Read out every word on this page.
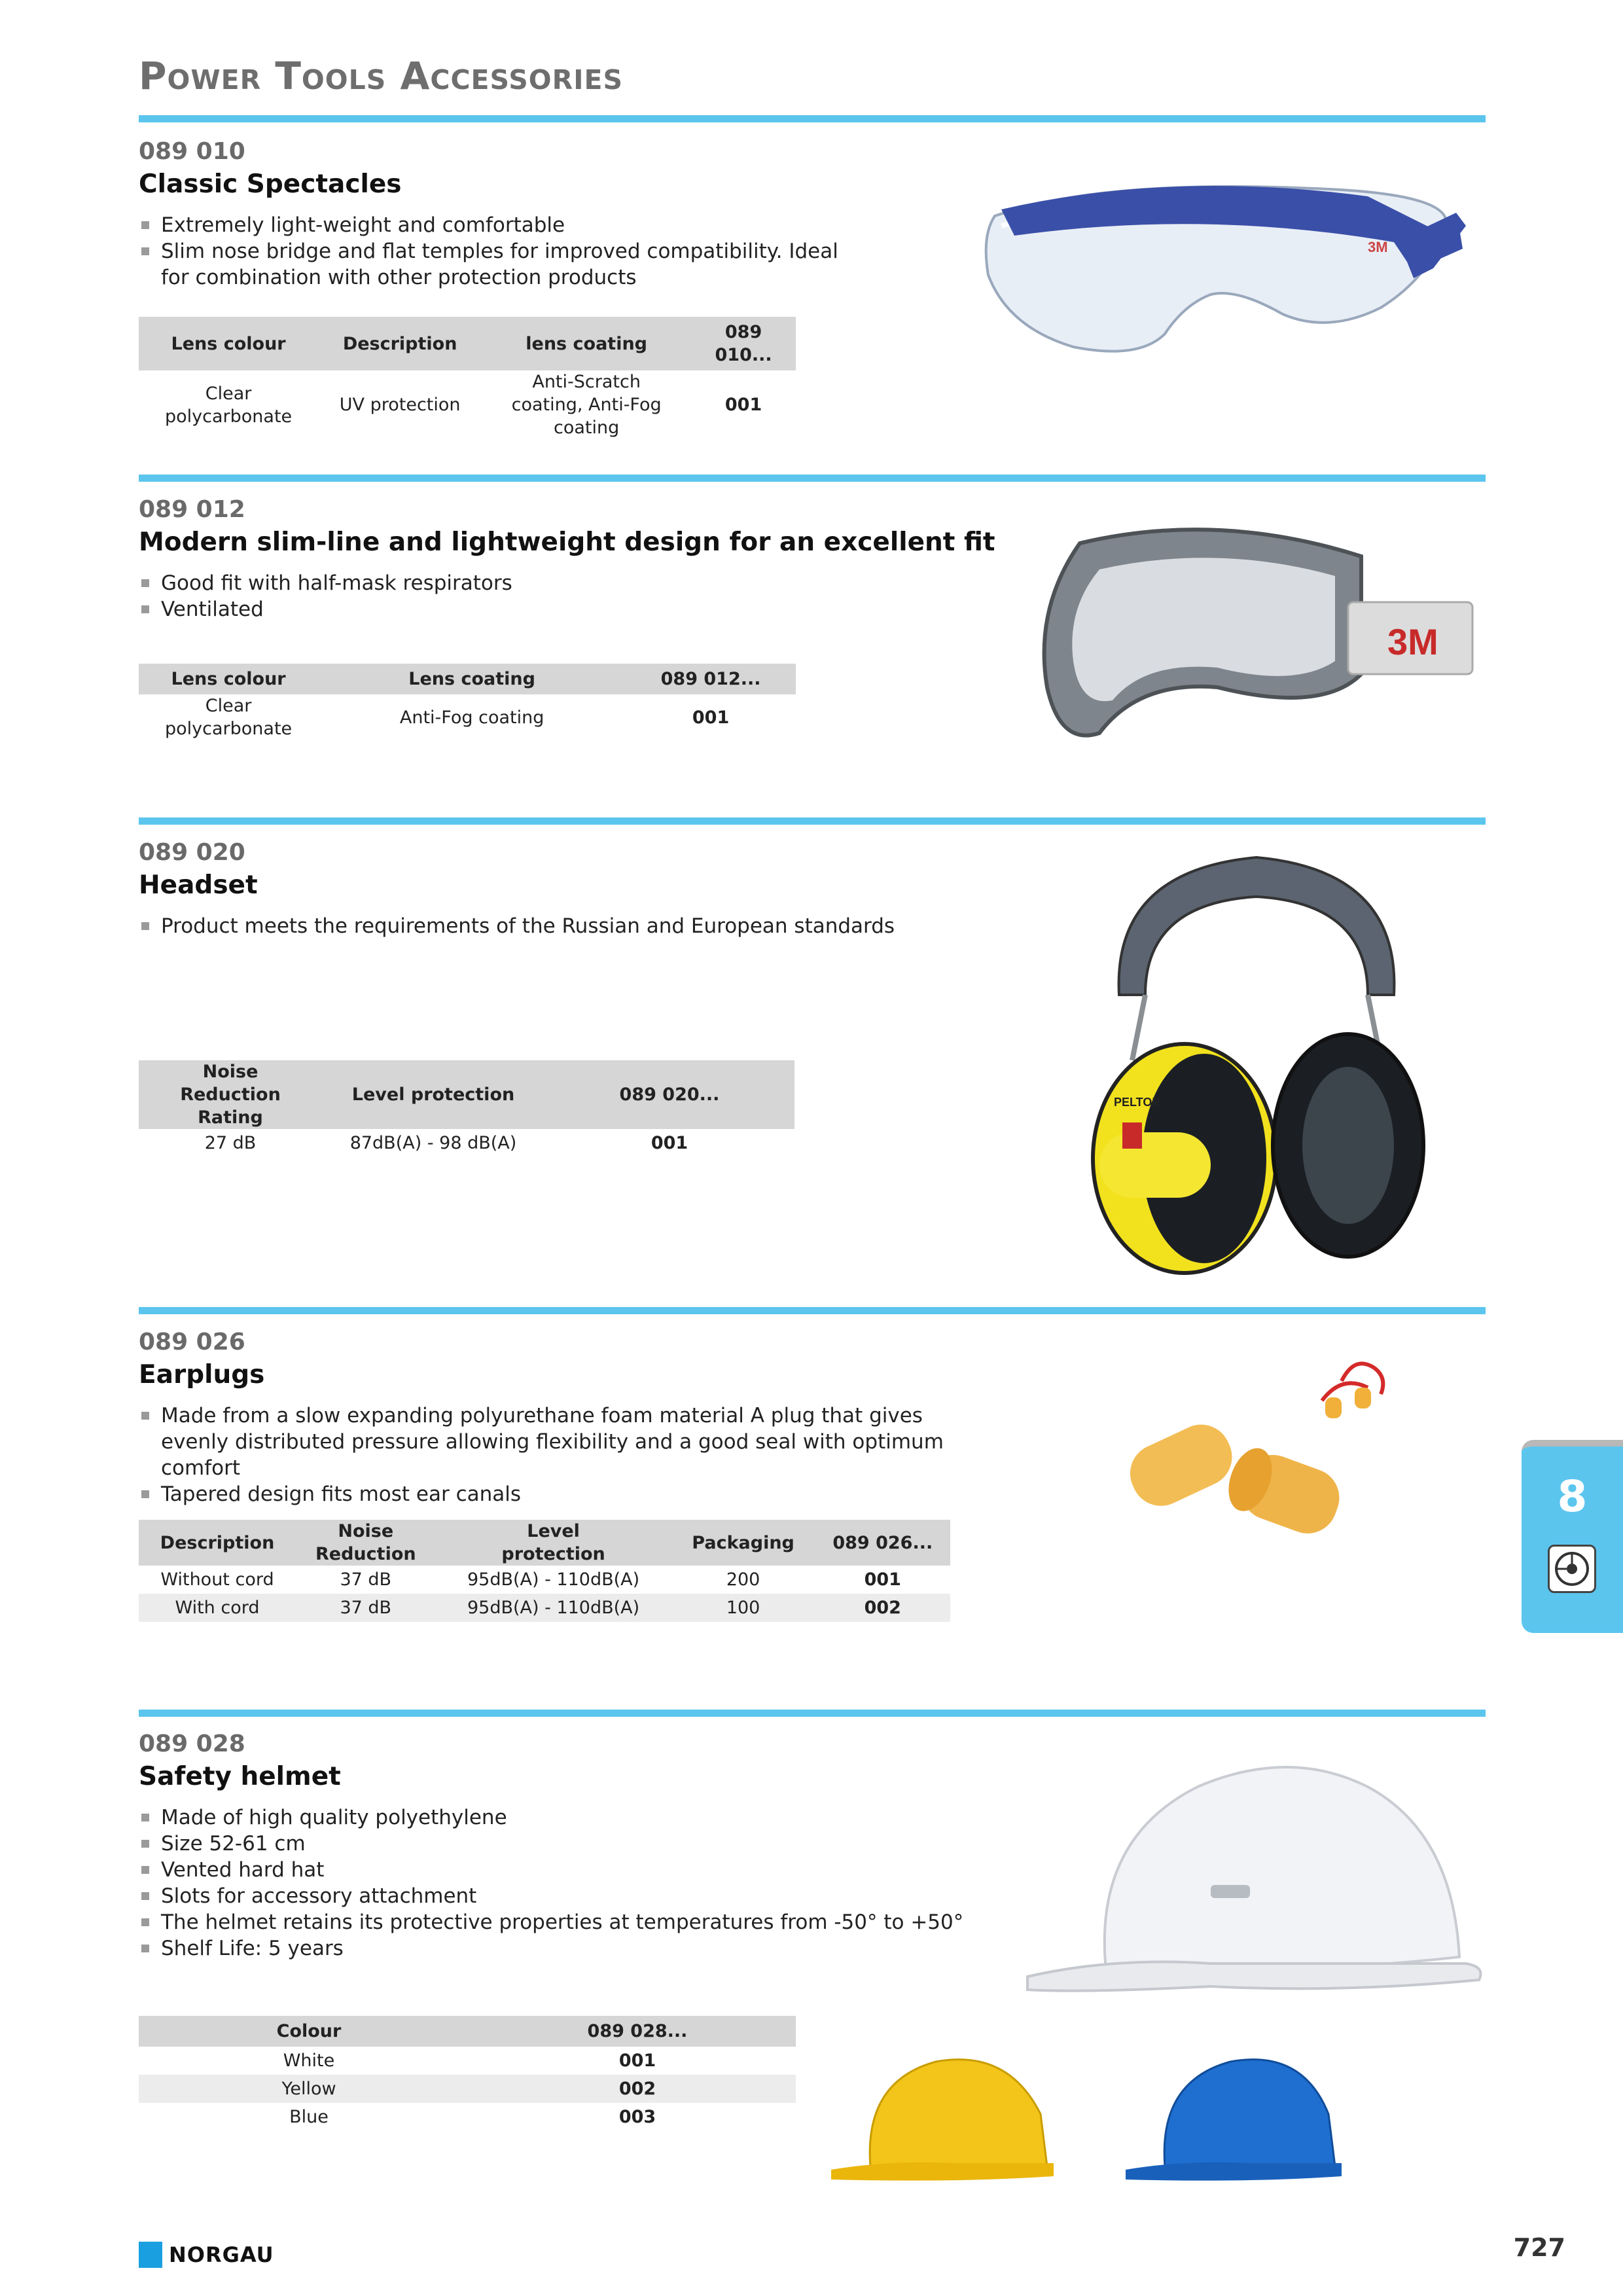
Power Tools Accessories
089 010
Classic Spectacles
Extremely light-weight and comfortable
Slim nose bridge and flat temples for improved compatibility. Ideal for combination with other protection products
Lens colour	Description	lens coating	089 010...
Clear polycarbonate	UV protection	Anti-Scratch coating, Anti-Fog coating	001
3M
089 012
Modern slim-line and lightweight design for an excellent fit
Good fit with half-mask respirators
Ventilated
Lens colour	Lens coating	089 012...
Clear polycarbonate	Anti-Fog coating	001
3M
089 020
Headset
Product meets the requirements of the Russian and European standards
Noise Reduction Rating	Level protection	089 020...
27 dB	87dB(A) - 98 dB(A)	001
PELTOR
089 026
Earplugs
Made from a slow expanding polyurethane foam material A plug that gives evenly distributed pressure allowing flexibility and a good seal with optimum comfort
Tapered design fits most ear canals
Description	Noise Reduction	Level protection	Packaging	089 026...
Without cord	37 dB	95dB(A) - 110dB(A)	200	001
With cord	37 dB	95dB(A) - 110dB(A)	100	002
089 028
Safety helmet
Made of high quality polyethylene
Size 52-61 cm
Vented hard hat
Slots for accessory attachment
The helmet retains its protective properties at temperatures from -50° to +50°
Shelf Life: 5 years
Colour	089 028...
White	001
Yellow	002
Blue	003
8
NORGAU	727
